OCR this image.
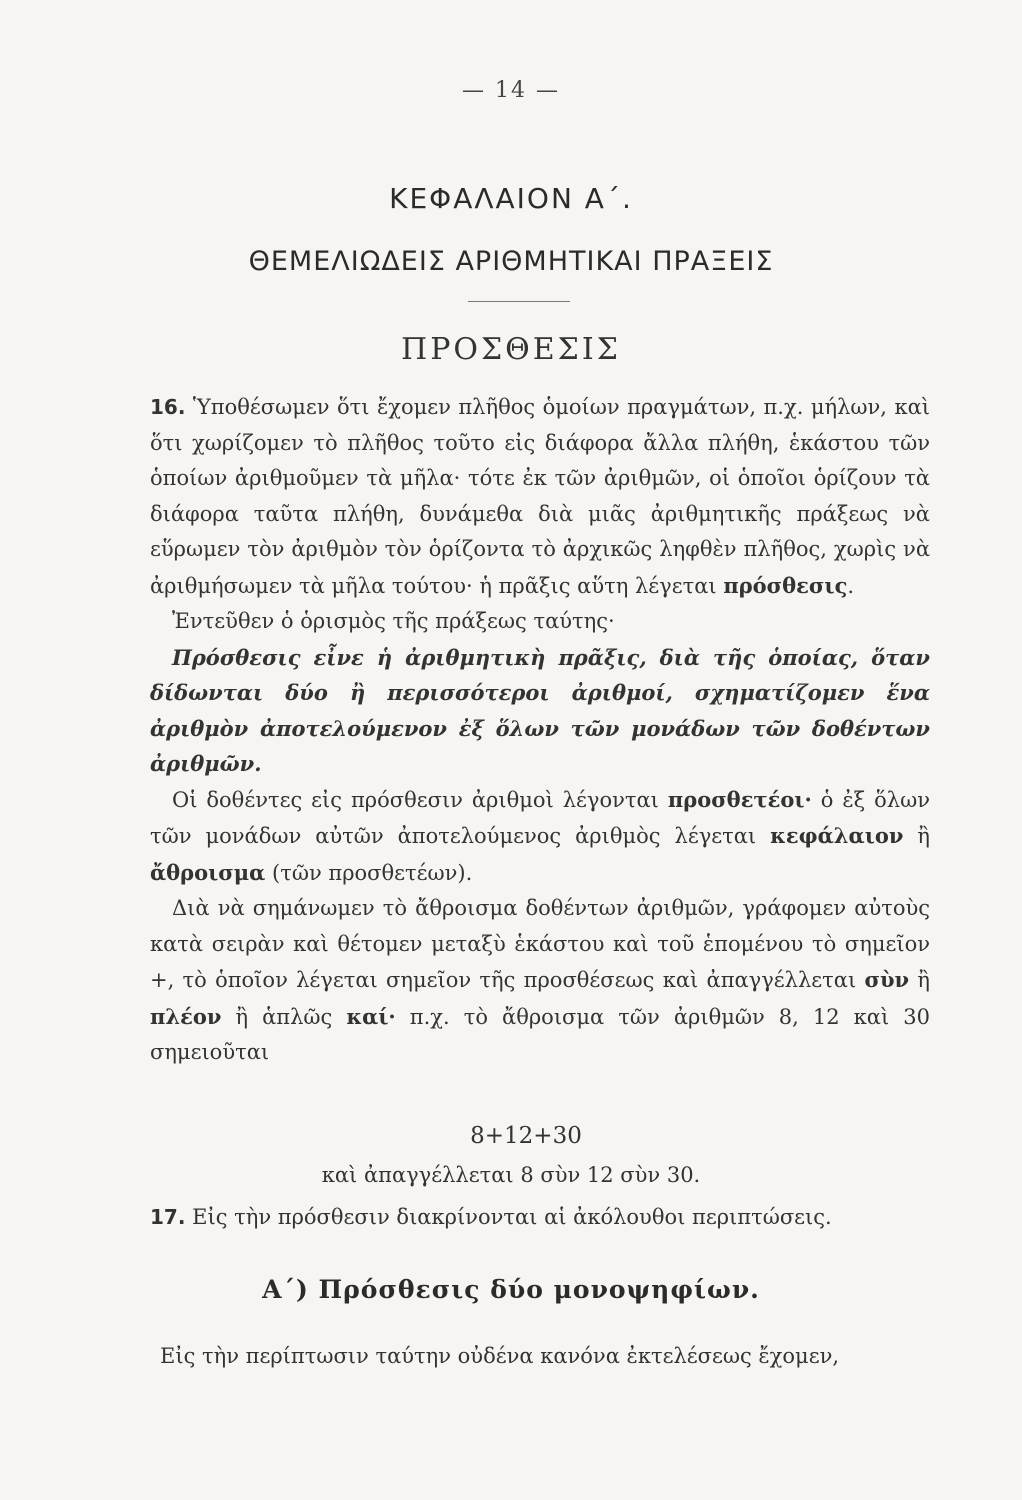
— 14 —
ΚΕΦΑΛΑΙΟΝ Α΄.
ΘΕΜΕΛΙΩΔΕΙΣ ΑΡΙΘΜΗΤΙΚΑΙ ΠΡΑΞΕΙΣ
ΠΡΟΣΘΕΣΙΣ

16. Ὑποθέσωμεν ὅτι ἔχομεν πλῆθος ὁμοίων πραγμάτων, π.χ. μήλων, καὶ ὅτι χωρίζομεν τὸ πλῆθος τοῦτο εἰς διάφορα ἄλλα πλήθη, ἑκάστου τῶν ὁποίων ἀριθμοῦμεν τὰ μῆλα· τότε ἐκ τῶν ἀριθμῶν, οἱ ὁποῖοι ὁρίζουν τὰ διάφορα ταῦτα πλήθη, δυνάμεθα διὰ μιᾶς ἀριθμητικῆς πράξεως νὰ εὕρωμεν τὸν ἀριθμὸν τὸν ὁρίζοντα τὸ ἀρχικῶς ληφθὲν πλῆθος, χωρὶς νὰ ἀριθμήσωμεν τὰ μῆλα τούτου· ἡ πρᾶξις αὕτη λέγεται πρόσθεσις.

Ἐντεῦθεν ὁ ὁρισμὸς τῆς πράξεως ταύτης·

Πρόσθεσις εἶνε ἡ ἀριθμητικὴ πρᾶξις, διὰ τῆς ὁποίας, ὅταν δίδωνται δύο ἢ περισσότεροι ἀριθμοί, σχηματίζομεν ἕνα ἀριθμὸν ἀποτελούμενον ἐξ ὅλων τῶν μονάδων τῶν δοθέντων ἀριθμῶν.

Οἱ δοθέντες εἰς πρόσθεσιν ἀριθμοὶ λέγονται προσθετέοι· ὁ ἐξ ὅλων τῶν μονάδων αὐτῶν ἀποτελούμενος ἀριθμὸς λέγεται κεφάλαιον ἢ ἄθροισμα (τῶν προσθετέων).

Διὰ νὰ σημάνωμεν τὸ ἄθροισμα δοθέντων ἀριθμῶν, γράφομεν αὐτοὺς κατὰ σειρὰν καὶ θέτομεν μεταξὺ ἑκάστου καὶ τοῦ ἑπομένου τὸ σημεῖον +, τὸ ὁποῖον λέγεται σημεῖον τῆς προσθέσεως καὶ ἀπαγγέλλεται σὺν ἢ πλέον ἢ ἁπλῶς καί· π.χ. τὸ ἄθροισμα τῶν ἀριθμῶν 8, 12 καὶ 30 σημειοῦται

8+12+30
καὶ ἀπαγγέλλεται 8 σὺν 12 σὺν 30.
17. Εἰς τὴν πρόσθεσιν διακρίνονται αἱ ἀκόλουθοι περιπτώσεις.
Α΄) Πρόσθεσις δύο μονοψηφίων.
Εἰς τὴν περίπτωσιν ταύτην οὐδένα κανόνα ἐκτελέσεως ἔχομεν,
